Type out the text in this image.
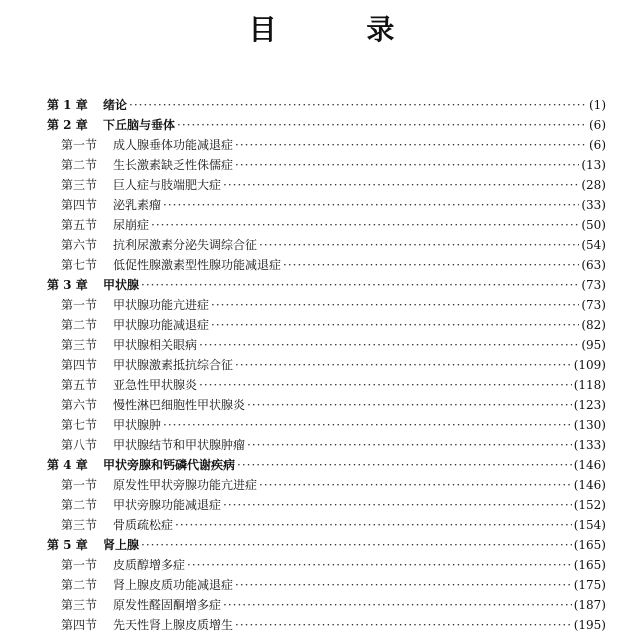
目 录
第 1 章	绪论 ·····	(1)
第 2 章	下丘脑与垂体 ·····	(6)
第一节	成人腺垂体功能减退症 ·····	(6)
第二节	生长激素缺乏性侏儒症 ·····	(13)
第三节	巨人症与肢端肥大症 ·····	(28)
第四节	泌乳素瘤 ·····	(33)
第五节	尿崩症 ·····	(50)
第六节	抗利尿激素分泌失调综合征 ·····	(54)
第七节	低促性腺激素型性腺功能减退症 ·····	(63)
第 3 章	甲状腺 ·····	(73)
第一节	甲状腺功能亢进症 ·····	(73)
第二节	甲状腺功能减退症 ·····	(82)
第三节	甲状腺相关眼病 ·····	(95)
第四节	甲状腺激素抵抗综合征 ·····	(109)
第五节	亚急性甲状腺炎 ·····	(118)
第六节	慢性淋巴细胞性甲状腺炎 ·····	(123)
第七节	甲状腺肿 ·····	(130)
第八节	甲状腺结节和甲状腺肿瘤 ·····	(133)
第 4 章	甲状旁腺和钙磷代谢疾病 ·····	(146)
第一节	原发性甲状旁腺功能亢进症 ·····	(146)
第二节	甲状旁腺功能减退症 ·····	(152)
第三节	骨质疏松症 ·····	(154)
第 5 章	肾上腺 ·····	(165)
第一节	皮质醇增多症 ·····	(165)
第二节	肾上腺皮质功能减退症 ·····	(175)
第三节	原发性醛固酮增多症 ·····	(187)
第四节	先天性肾上腺皮质增生 ·····	(195)
